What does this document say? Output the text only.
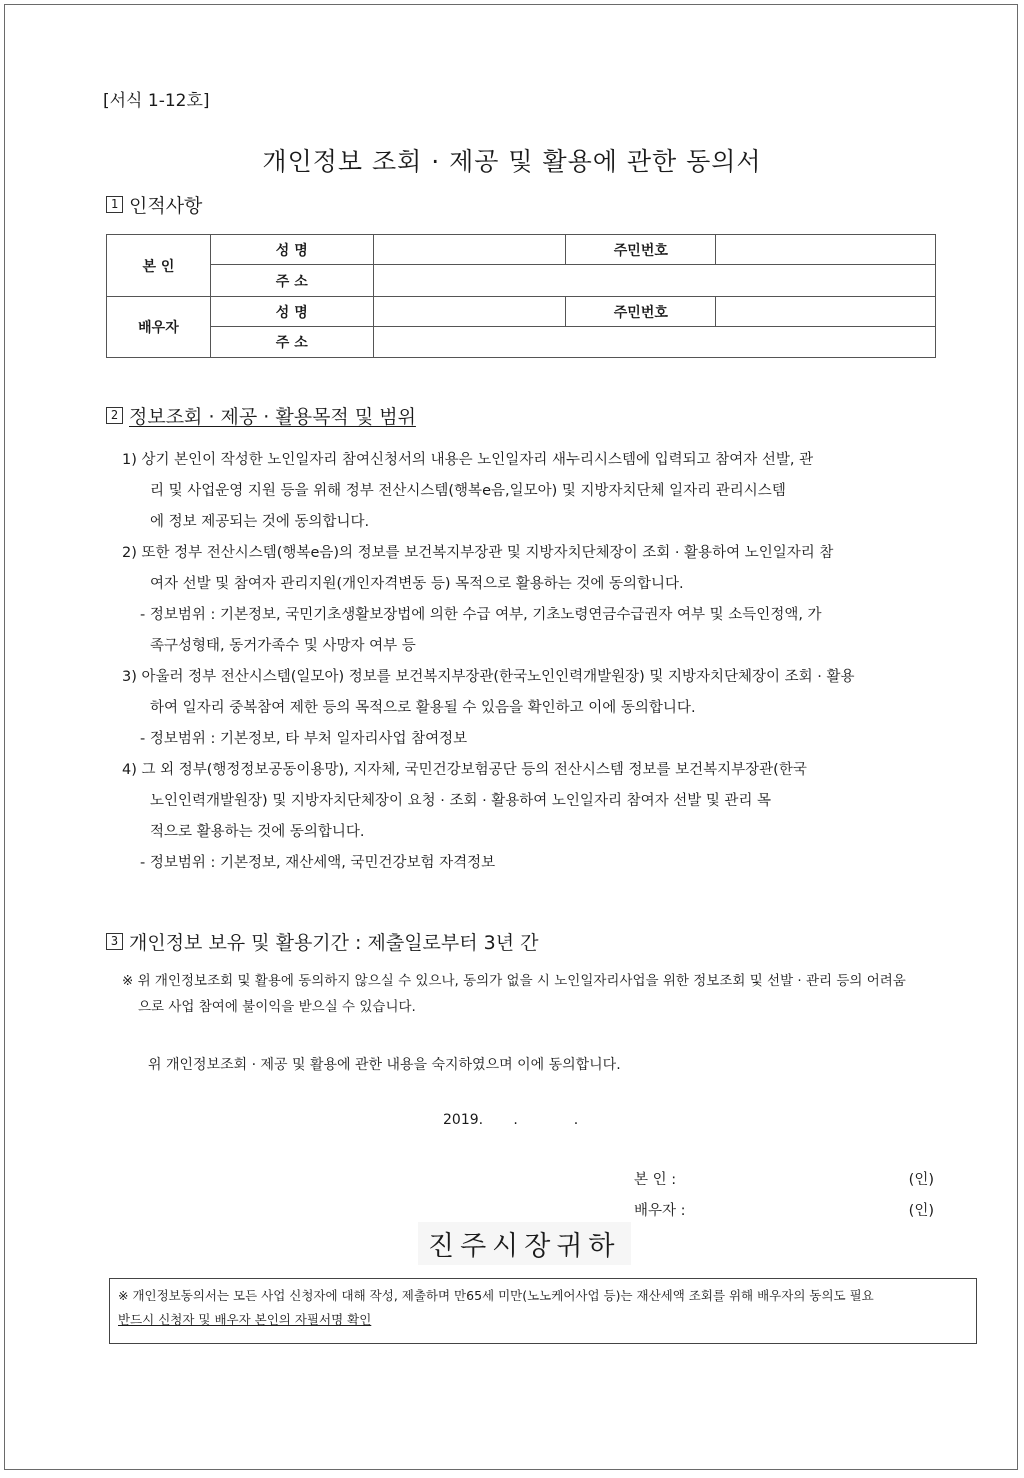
[서식 1-12호]
개인정보 조회 · 제공 및 활용에 관한 동의서
1 인적사항
본 인	성 명		주민번호	
	주 소			
배우자	성 명		주민번호	
	주 소			
2 정보조회 · 제공 · 활용목적 및 범위
1) 상기 본인이 작성한 노인일자리 참여신청서의 내용은 노인일자리 새누리시스템에 입력되고 참여자 선발, 관
리 및 사업운영 지원 등을 위해 정부 전산시스템(행복e음,일모아) 및 지방자치단체 일자리 관리시스템
에 정보 제공되는 것에 동의합니다.
2) 또한 정부 전산시스템(행복e음)의 정보를 보건복지부장관 및 지방자치단체장이 조회 · 활용하여 노인일자리 참
여자 선발 및 참여자 관리지원(개인자격변동 등) 목적으로 활용하는 것에 동의합니다.
- 정보범위 : 기본정보, 국민기초생활보장법에 의한 수급 여부, 기초노령연금수급권자 여부 및 소득인정액, 가
족구성형태, 동거가족수 및 사망자 여부 등
3) 아울러 정부 전산시스템(일모아) 정보를 보건복지부장관(한국노인인력개발원장) 및 지방자치단체장이 조회 · 활용
하여 일자리 중복참여 제한 등의 목적으로 활용될 수 있음을 확인하고 이에 동의합니다.
- 정보범위 : 기본정보, 타 부처 일자리사업 참여정보
4) 그 외 정부(행정정보공동이용망), 지자체, 국민건강보험공단 등의 전산시스템 정보를 보건복지부장관(한국
노인인력개발원장) 및 지방자치단체장이 요청 · 조회 · 활용하여 노인일자리 참여자 선발 및 관리 목
적으로 활용하는 것에 동의합니다.
- 정보범위 : 기본정보, 재산세액, 국민건강보험 자격정보
3 개인정보 보유 및 활용기간 : 제출일로부터 3년 간
※ 위 개인정보조회 및 활용에 동의하지 않으실 수 있으나, 동의가 없을 시 노인일자리사업을 위한 정보조회 및 선발 · 관리 등의 어려움
으로 사업 참여에 불이익을 받으실 수 있습니다.
위 개인정보조회 · 제공 및 활용에 관한 내용을 숙지하였으며 이에 동의합니다.
2019. .	.
본 인 :	(인)
배우자 :	(인)
진주시장귀하
※ 개인정보동의서는 모든 사업 신청자에 대해 작성, 제출하며 만65세 미만(노노케어사업 등)는 재산세액 조회를 위해 배우자의 동의도 필요
반드시 신청자 및 배우자 본인의 자필서명 확인
